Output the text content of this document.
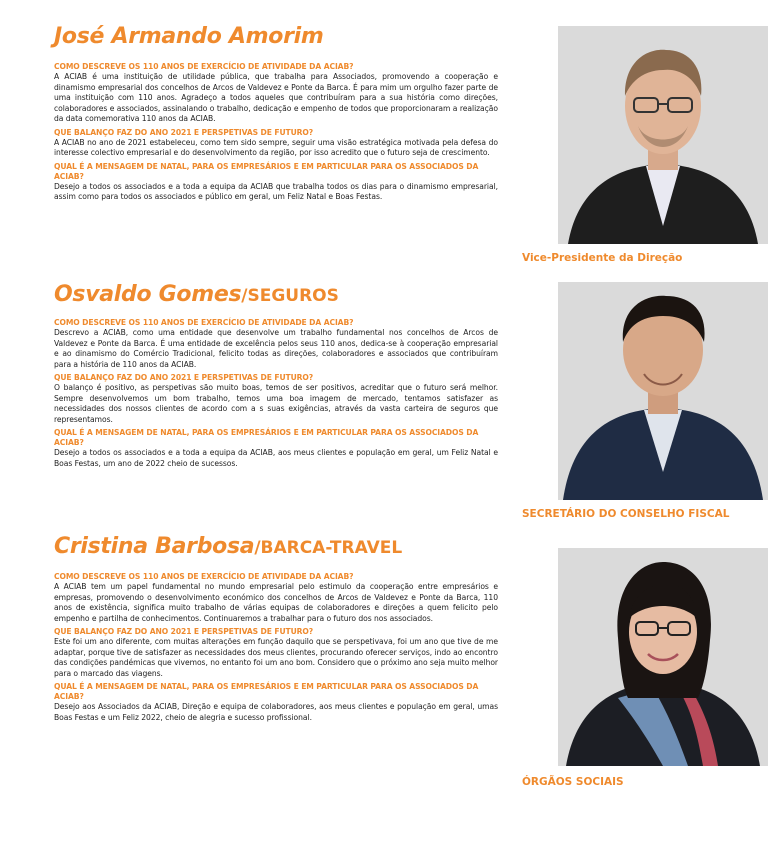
José Armando Amorim

COMO DESCREVE OS 110 ANOS DE EXERCÍCIO DE ATIVIDADE DA ACIAB?

A ACIAB é uma instituição de utilidade pública, que trabalha para Associados, promovendo a cooperação e dinamismo empresarial dos concelhos de Arcos de Valdevez e Ponte da Barca. É para mim um orgulho fazer parte de uma instituição com 110 anos. Agradeço a todos aqueles que contribuíram para a sua história como direções, colaboradores e associados, assinalando o trabalho, dedicação e empenho de todos que proporcionaram a realização da data comemorativa 110 anos da ACIAB.

QUE BALANÇO FAZ DO ANO 2021 E PERSPETIVAS DE FUTURO?

A ACIAB no ano de 2021 estabeleceu, como tem sido sempre, seguir uma visão estratégica motivada pela defesa do interesse colectivo empresarial e do desenvolvimento da região, por isso acredito que o futuro seja de crescimento.

QUAL É A MENSAGEM DE NATAL, PARA OS EMPRESÁRIOS E EM PARTICULAR PARA OS ASSOCIADOS DA ACIAB?

Desejo a todos os associados e a toda a equipa da ACIAB que trabalha todos os dias para o dinamismo empresarial, assim como para todos os associados e público em geral, um Feliz Natal e Boas Festas.

Vice-Presidente da Direção

Osvaldo Gomes/SEGUROS

COMO DESCREVE OS 110 ANOS DE EXERCÍCIO DE ATIVIDADE DA ACIAB?

Descrevo a ACIAB, como uma entidade que desenvolve um trabalho fundamental nos concelhos de Arcos de Valdevez e Ponte da Barca. É uma entidade de excelência pelos seus 110 anos, dedica-se à cooperação empresarial e ao dinamismo do Comércio Tradicional, felicito todas as direções, colaboradores e associados que contribuíram para a história de 110 anos da ACIAB.

QUE BALANÇO FAZ DO ANO 2021 E PERSPETIVAS DE FUTURO?

O balanço é positivo, as perspetivas são muito boas, temos de ser positivos, acreditar que o futuro será melhor. Sempre desenvolvemos um bom trabalho, temos uma boa imagem de mercado, tentamos satisfazer as necessidades dos nossos clientes de acordo com a s suas exigências, através da vasta carteira de seguros que representamos.

QUAL É A MENSAGEM DE NATAL, PARA OS EMPRESÁRIOS E EM PARTICULAR PARA OS ASSOCIADOS DA ACIAB?

Desejo a todos os associados e a toda a equipa da ACIAB, aos meus clientes e população em geral, um Feliz Natal e Boas Festas, um ano de 2022 cheio de sucessos.

SECRETÁRIO DO CONSELHO FISCAL

Cristina Barbosa/BARCA-TRAVEL

COMO DESCREVE OS 110 ANOS DE EXERCÍCIO DE ATIVIDADE DA ACIAB?

A ACIAB tem um papel fundamental no mundo empresarial pelo estimulo da cooperação entre empresários e empresas, promovendo o desenvolvimento económico dos concelhos de Arcos de Valdevez e Ponte da Barca, 110 anos de existência, significa muito trabalho de várias equipas de colaboradores e direções a quem felicito pelo empenho e partilha de conhecimentos. Continuaremos a trabalhar para o futuro dos nos associados.

QUE BALANÇO FAZ DO ANO 2021 E PERSPETIVAS DE FUTURO?

Este foi um ano diferente, com muitas alterações em função daquilo que se perspetivava, foi um ano que tive de me adaptar, porque tive de satisfazer as necessidades dos meus clientes, procurando oferecer serviços, indo ao encontro das condições pandémicas que vivemos, no entanto foi um ano bom. Considero que o próximo ano seja muito melhor para o marcado das viagens.

QUAL É A MENSAGEM DE NATAL, PARA OS EMPRESÁRIOS E EM PARTICULAR PARA OS ASSOCIADOS DA ACIAB?

Desejo aos Associados da ACIAB, Direção e equipa de colaboradores, aos meus clientes e população em geral, umas Boas Festas e um Feliz 2022, cheio de alegria e sucesso profissional.

ÓRGÃOS SOCIAIS
